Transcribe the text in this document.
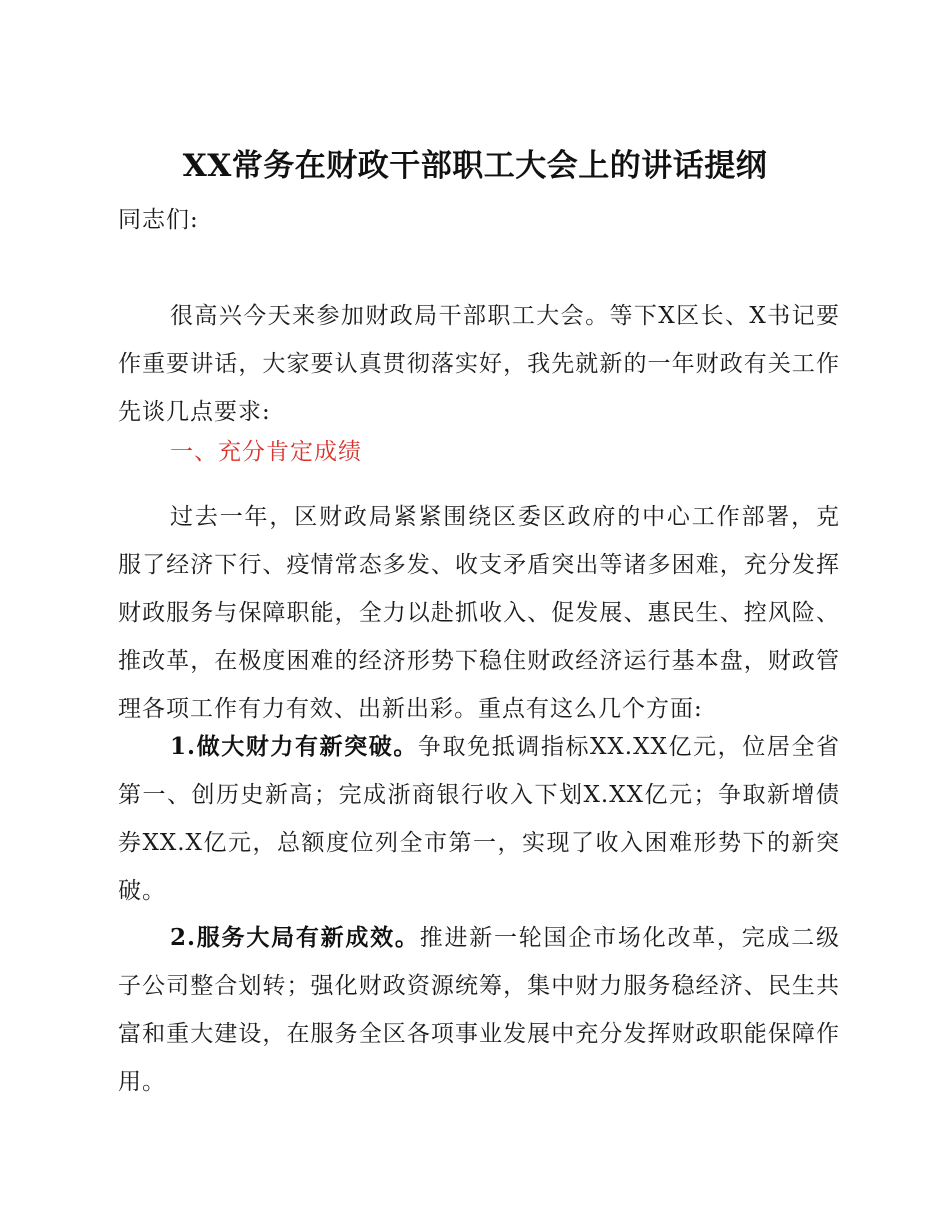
XX常务在财政干部职工大会上的讲话提纲
同志们:

很高兴今天来参加财政局干部职工大会。等下X区长、X书记要作重要讲话，大家要认真贯彻落实好，我先就新的一年财政有关工作先谈几点要求:

一、充分肯定成绩

过去一年，区财政局紧紧围绕区委区政府的中心工作部署，克服了经济下行、疫情常态多发、收支矛盾突出等诸多困难，充分发挥财政服务与保障职能，全力以赴抓收入、促发展、惠民生、控风险、推改革，在极度困难的经济形势下稳住财政经济运行基本盘，财政管理各项工作有力有效、出新出彩。重点有这么几个方面:

1.做大财力有新突破。争取免抵调指标XX.XX亿元，位居全省第一、创历史新高；完成浙商银行收入下划X.XX亿元；争取新增债券XX.X亿元，总额度位列全市第一，实现了收入困难形势下的新突破。

2.服务大局有新成效。推进新一轮国企市场化改革，完成二级子公司整合划转；强化财政资源统筹，集中财力服务稳经济、民生共富和重大建设，在服务全区各项事业发展中充分发挥财政职能保障作用。
